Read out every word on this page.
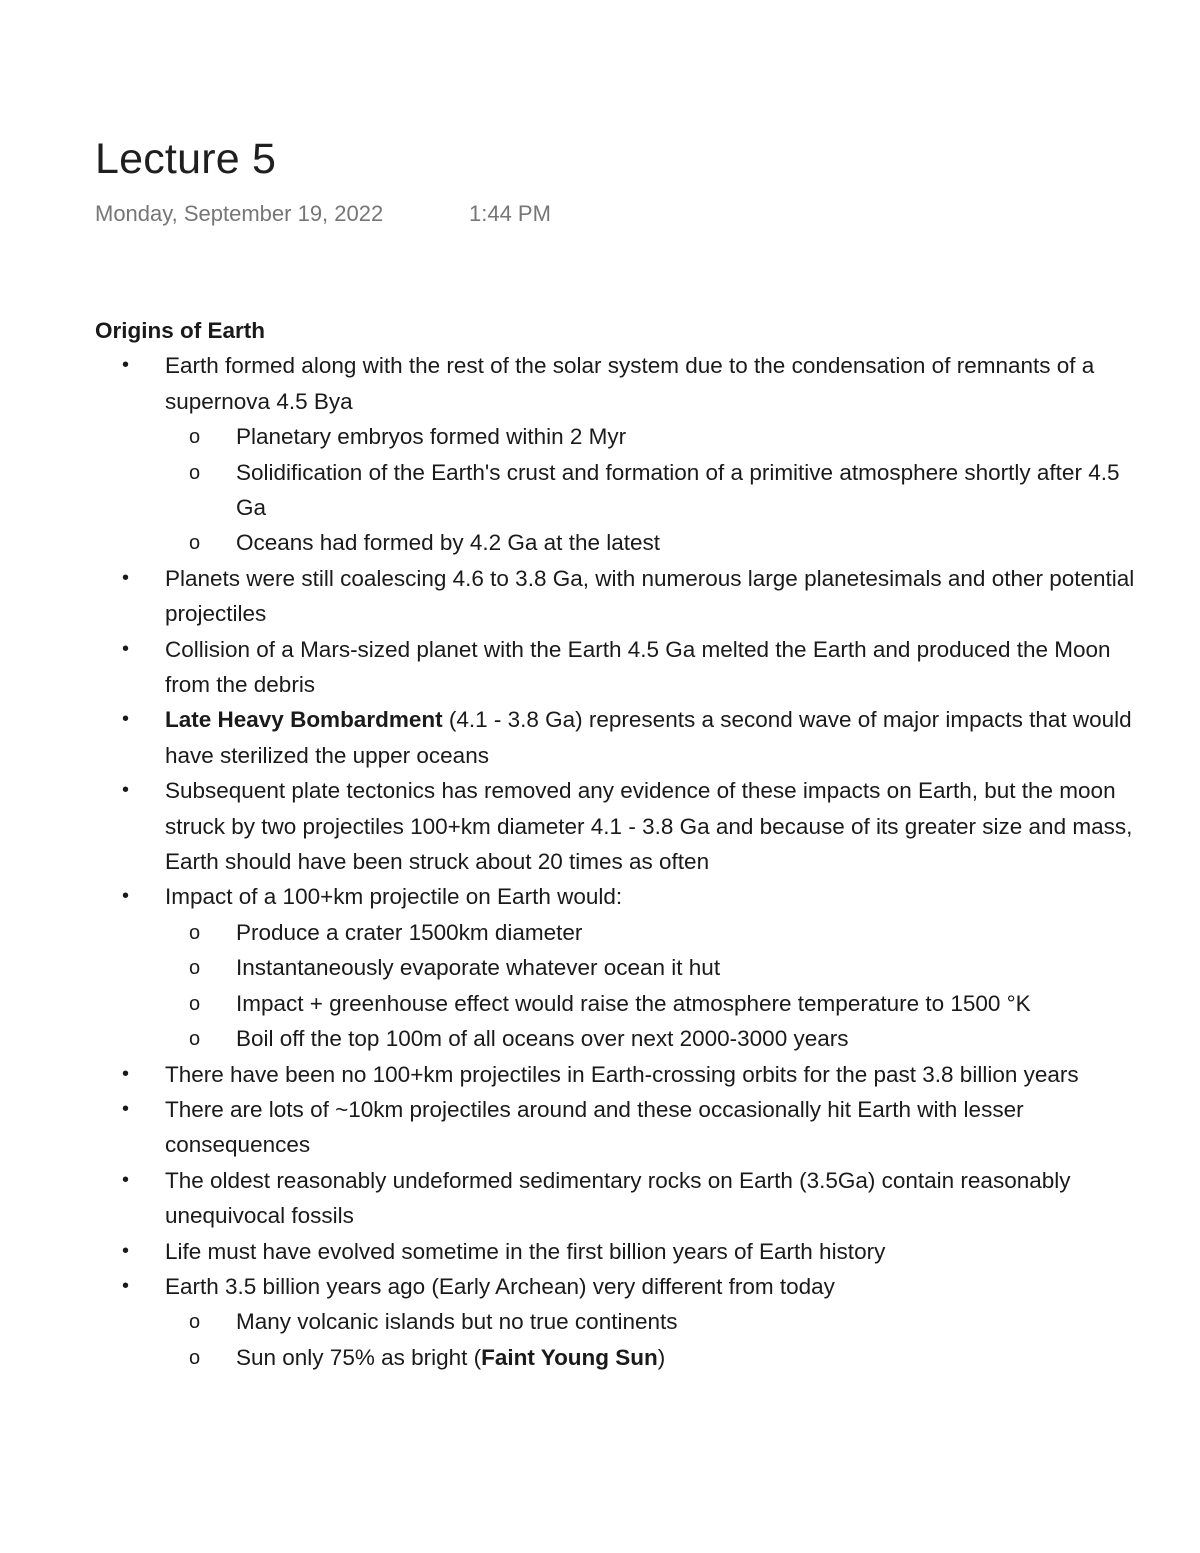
Lecture 5
Monday, September 19, 2022	1:44 PM
Origins of Earth
• Earth formed along with the rest of the solar system due to the condensation of remnants of a supernova 4.5 Bya
o Planetary embryos formed within 2 Myr
o Solidification of the Earth's crust and formation of a primitive atmosphere shortly after 4.5 Ga
o Oceans had formed by 4.2 Ga at the latest
• Planets were still coalescing 4.6 to 3.8 Ga, with numerous large planetesimals and other potential projectiles
• Collision of a Mars-sized planet with the Earth 4.5 Ga melted the Earth and produced the Moon from the debris
• Late Heavy Bombardment (4.1 - 3.8 Ga) represents a second wave of major impacts that would have sterilized the upper oceans
• Subsequent plate tectonics has removed any evidence of these impacts on Earth, but the moon struck by two projectiles 100+km diameter 4.1 - 3.8 Ga and because of its greater size and mass, Earth should have been struck about 20 times as often
• Impact of a 100+km projectile on Earth would:
o Produce a crater 1500km diameter
o Instantaneously evaporate whatever ocean it hut
o Impact + greenhouse effect would raise the atmosphere temperature to 1500 °K
o Boil off the top 100m of all oceans over next 2000-3000 years
• There have been no 100+km projectiles in Earth-crossing orbits for the past 3.8 billion years
• There are lots of ~10km projectiles around and these occasionally hit Earth with lesser consequences
• The oldest reasonably undeformed sedimentary rocks on Earth (3.5Ga) contain reasonably unequivocal fossils
• Life must have evolved sometime in the first billion years of Earth history
• Earth 3.5 billion years ago (Early Archean) very different from today
o Many volcanic islands but no true continents
o Sun only 75% as bright (Faint Young Sun)
